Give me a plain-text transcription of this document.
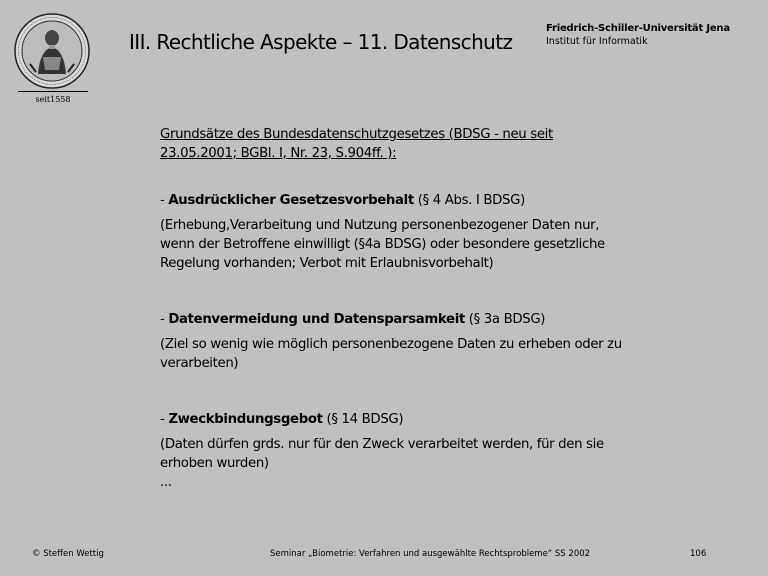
seit1558
III. Rechtliche Aspekte – 11. Datenschutz
Friedrich-Schiller-Universität Jena
Institut für Informatik
Grundsätze des Bundesdatenschutzgesetzes (BDSG - neu seit 23.05.2001; BGBl. I, Nr. 23, S.904ff. ):
- Ausdrücklicher Gesetzesvorbehalt (§ 4 Abs. I BDSG)
(Erhebung,Verarbeitung und Nutzung personenbezogener Daten nur, wenn der Betroffene einwilligt (§4a BDSG) oder besondere gesetzliche Regelung vorhanden; Verbot mit Erlaubnisvorbehalt)
- Datenvermeidung und Datensparsamkeit (§ 3a BDSG)
(Ziel so wenig wie möglich personenbezogene Daten zu erheben oder zu verarbeiten)
- Zweckbindungsgebot (§ 14 BDSG)
(Daten dürfen grds. nur für den Zweck verarbeitet werden, für den sie erhoben wurden)
...
© Steffen Wettig	Seminar „Biometrie: Verfahren und ausgewählte Rechtsprobleme“ SS 2002	106
